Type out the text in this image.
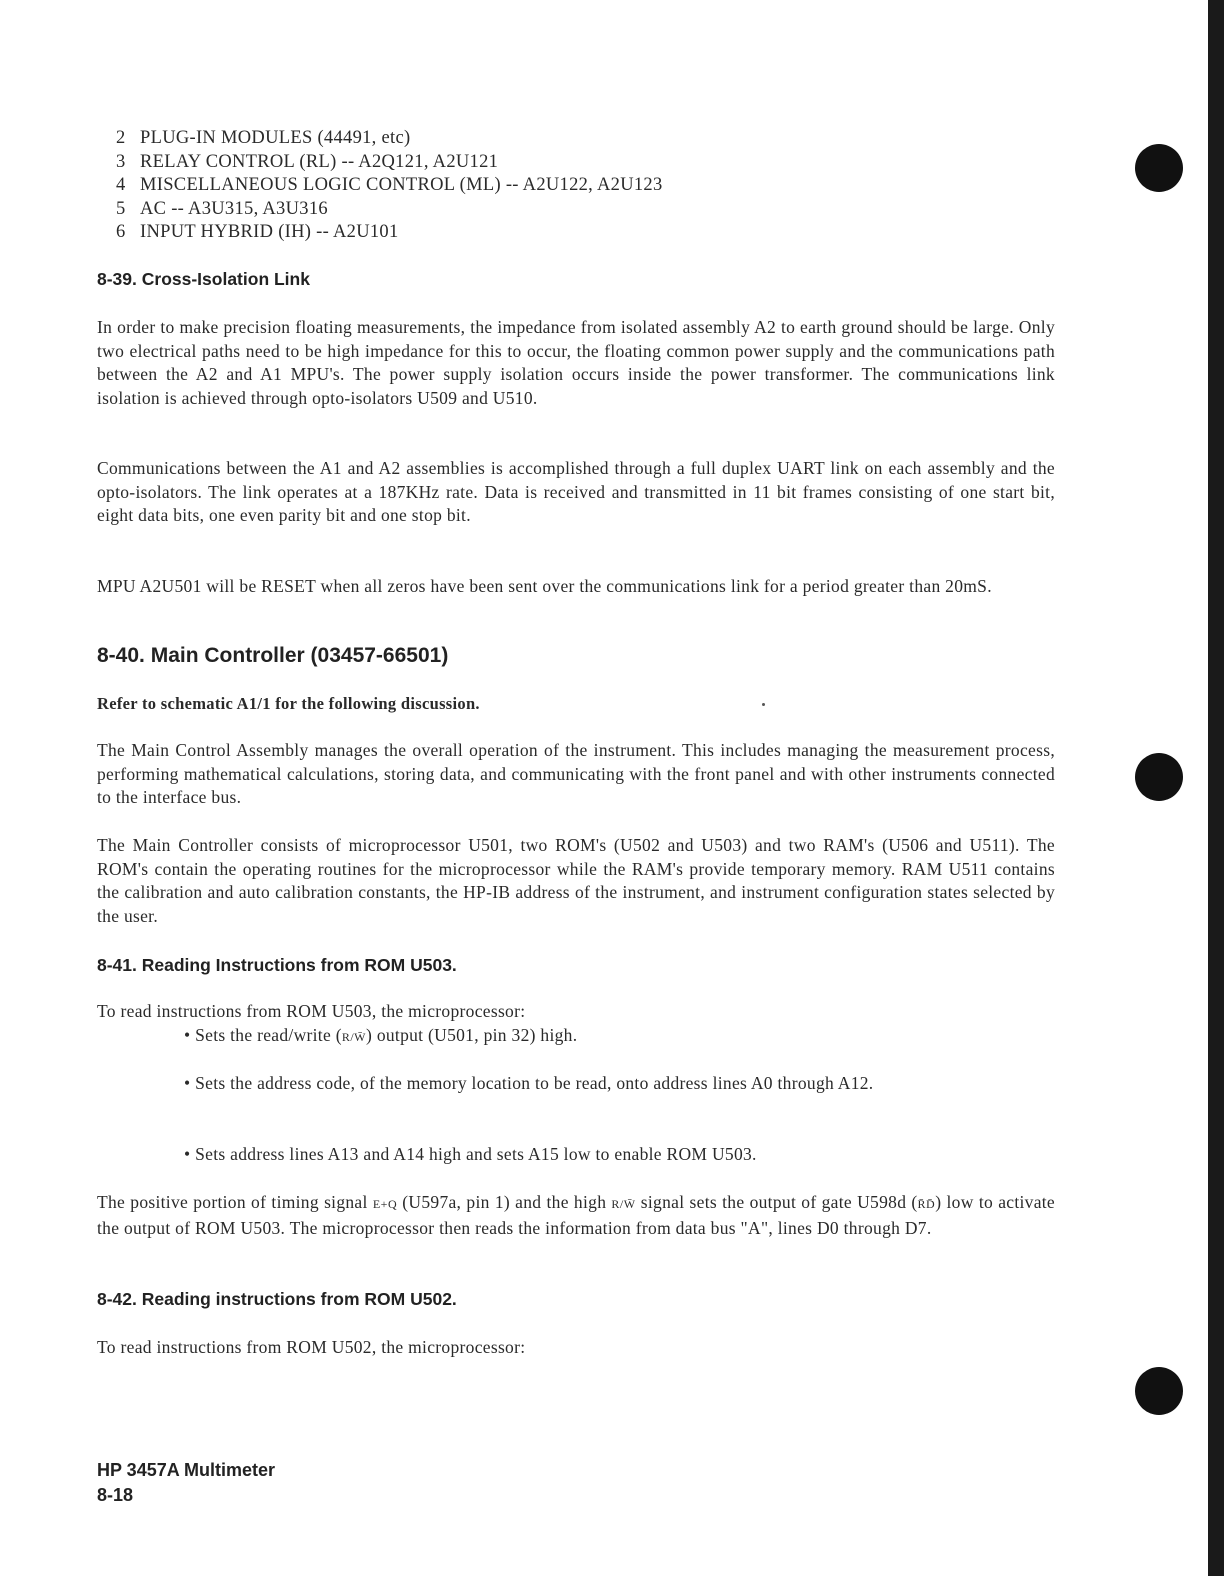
2 PLUG-IN MODULES (44491, etc)
3 RELAY CONTROL (RL) -- A2Q121, A2U121
4 MISCELLANEOUS LOGIC CONTROL (ML) -- A2U122, A2U123
5 AC -- A3U315, A3U316
6 INPUT HYBRID (IH) -- A2U101
8-39. Cross-Isolation Link

In order to make precision floating measurements, the impedance from isolated assembly A2 to earth ground should be large. Only two electrical paths need to be high impedance for this to occur, the floating common power supply and the communications path between the A2 and A1 MPU's. The power supply isolation occurs inside the power transformer. The communications link isolation is achieved through opto-isolators U509 and U510.

Communications between the A1 and A2 assemblies is accomplished through a full duplex UART link on each assembly and the opto-isolators. The link operates at a 187KHz rate. Data is received and transmitted in 11 bit frames consisting of one start bit, eight data bits, one even parity bit and one stop bit.

MPU A2U501 will be RESET when all zeros have been sent over the communications link for a period greater than 20mS.

8-40. Main Controller (03457-66501)
Refer to schematic A1/1 for the following discussion.

The Main Control Assembly manages the overall operation of the instrument. This includes managing the measurement process, performing mathematical calculations, storing data, and communicating with the front panel and with other instruments connected to the interface bus.

The Main Controller consists of microprocessor U501, two ROM's (U502 and U503) and two RAM's (U506 and U511). The ROM's contain the operating routines for the microprocessor while the RAM's provide temporary memory. RAM U511 contains the calibration and auto calibration constants, the HP-IB address of the instrument, and instrument configuration states selected by the user.

8-41. Reading Instructions from ROM U503.

To read instructions from ROM U503, the microprocessor:

• Sets the read/write (R/W̄) output (U501, pin 32) high.

• Sets the address code, of the memory location to be read, onto address lines A0 through A12.

• Sets address lines A13 and A14 high and sets A15 low to enable ROM U503.

The positive portion of timing signal E+Q (U597a, pin 1) and the high R/W̄ signal sets the output of gate U598d (R̄D̄) low to activate the output of ROM U503. The microprocessor then reads the information from data bus "A", lines D0 through D7.

8-42. Reading instructions from ROM U502.

To read instructions from ROM U502, the microprocessor:

HP 3457A Multimeter
8-18
